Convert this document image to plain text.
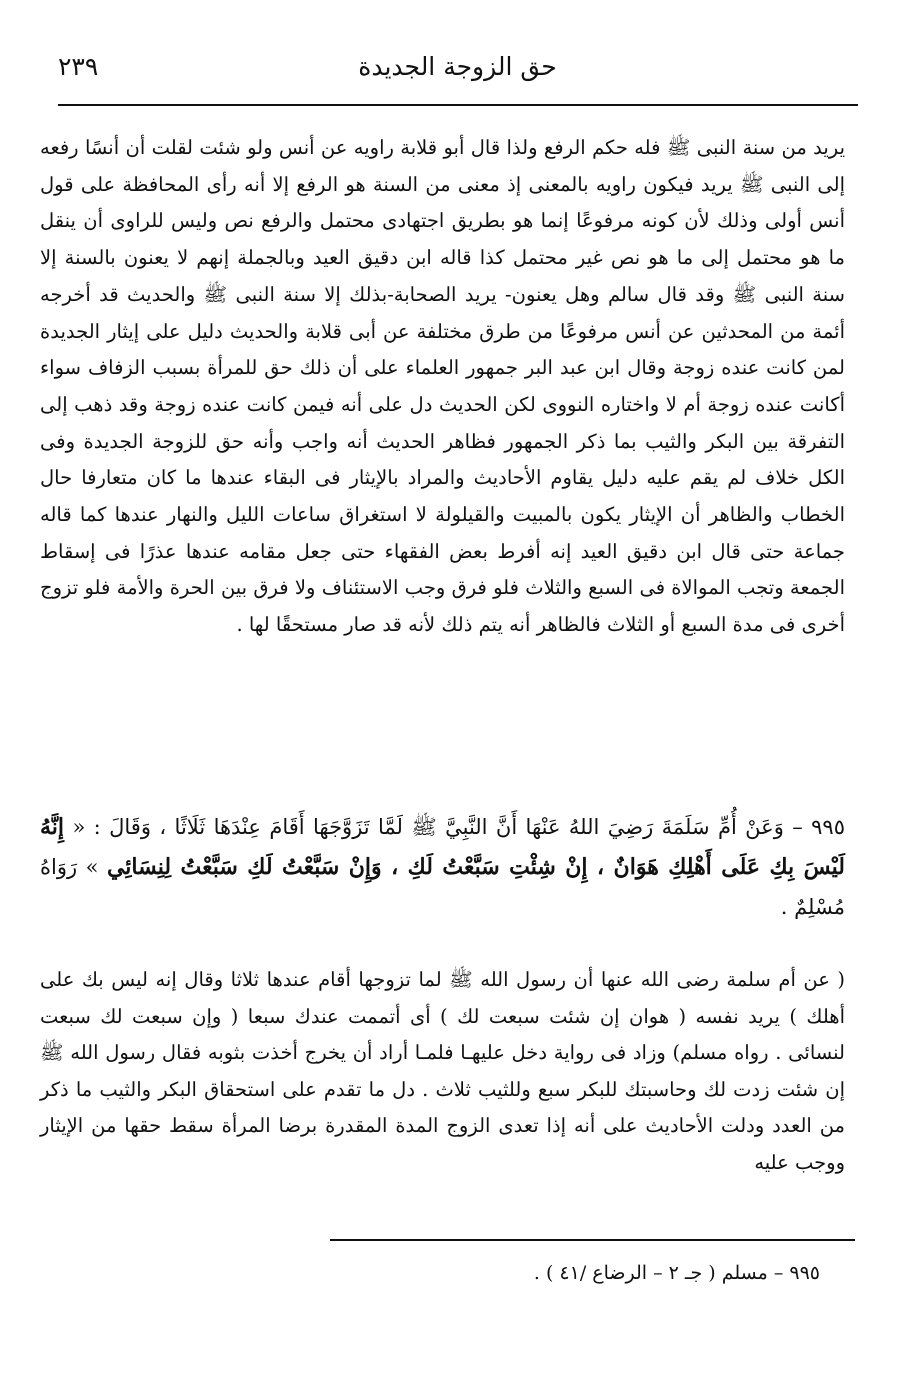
حق الزوجة الجديدة
٢٣٩
يريد من سنة النبى ﷺ فله حكم الرفع ولذا قال أبو قلابة راويه عن أنس ولو شئت لقلت أن أنسًا رفعه إلى النبى ﷺ يريد فيكون راويه بالمعنى إذ معنى من السنة هو الرفع إلا أنه رأى المحافظة على قول أنس أولى وذلك لأن كونه مرفوعًا إنما هو بطريق اجتهادى محتمل والرفع نص وليس للراوى أن ينقل ما هو محتمل إلى ما هو نص غير محتمل كذا قاله ابن دقيق العيد وبالجملة إنهم لا يعنون بالسنة إلا سنة النبى ﷺ وقد قال سالم وهل يعنون- يريد الصحابة-بذلك إلا سنة النبى ﷺ والحديث قد أخرجه أئمة من المحدثين عن أنس مرفوعًا من طرق مختلفة عن أبى قلابة والحديث دليل على إيثار الجديدة لمن كانت عنده زوجة وقال ابن عبد البر جمهور العلماء على أن ذلك حق للمرأة بسبب الزفاف سواء أكانت عنده زوجة أم لا واختاره النووى لكن الحديث دل على أنه فيمن كانت عنده زوجة وقد ذهب إلى التفرقة بين البكر والثيب بما ذكر الجمهور فظاهر الحديث أنه واجب وأنه حق للزوجة الجديدة وفى الكل خلاف لم يقم عليه دليل يقاوم الأحاديث والمراد بالإيثار فى البقاء عندها ما كان متعارفا حال الخطاب والظاهر أن الإيثار يكون بالمبيت والقيلولة لا استغراق ساعات الليل والنهار عندها كما قاله جماعة حتى قال ابن دقيق العيد إنه أفرط بعض الفقهاء حتى جعل مقامه عندها عذرًا فى إسقاط الجمعة وتجب الموالاة فى السبع والثلاث فلو فرق وجب الاستئناف ولا فرق بين الحرة والأمة فلو تزوج أخرى فى مدة السبع أو الثلاث فالظاهر أنه يتم ذلك لأنه قد صار مستحقًا لها .
٩٩٥ – وَعَنْ أُمِّ سَلَمَةَ رَضِيَ اللهُ عَنْهَا أَنَّ النَّبِيَّ ﷺ لَمَّا تَزَوَّجَهَا أَقَامَ عِنْدَهَا ثَلَاثًا ، وَقَالَ : « إِنَّهُ لَيْسَ بِكِ عَلَى أَهْلِكِ هَوَانٌ ، إِنْ شِئْتِ سَبَّعْتُ لَكِ ، وَإِنْ سَبَّعْتُ لَكِ سَبَّعْتُ لِنِسَائِي » رَوَاهُ مُسْلِمٌ .
( عن أم سلمة رضى الله عنها أن رسول الله ﷺ لما تزوجها أقام عندها ثلاثا وقال إنه ليس بك على أهلك ) يريد نفسه ( هوان إن شئت سبعت لك ) أى أتممت عندك سبعا ( وإن سبعت لك سبعت لنسائى . رواه مسلم) وزاد فى رواية دخل عليهـا فلمـا أراد أن يخرج أخذت بثوبه فقال رسول الله ﷺ إن شئت زدت لك وحاسبتك للبكر سبع وللثيب ثلاث . دل ما تقدم على استحقاق البكر والثيب ما ذكر من العدد ودلت الأحاديث على أنه إذا تعدى الزوج المدة المقدرة برضا المرأة سقط حقها من الإيثار ووجب عليه
٩٩٥ – مسلم ( جـ ٢ – الرضاع /٤١ ) .
